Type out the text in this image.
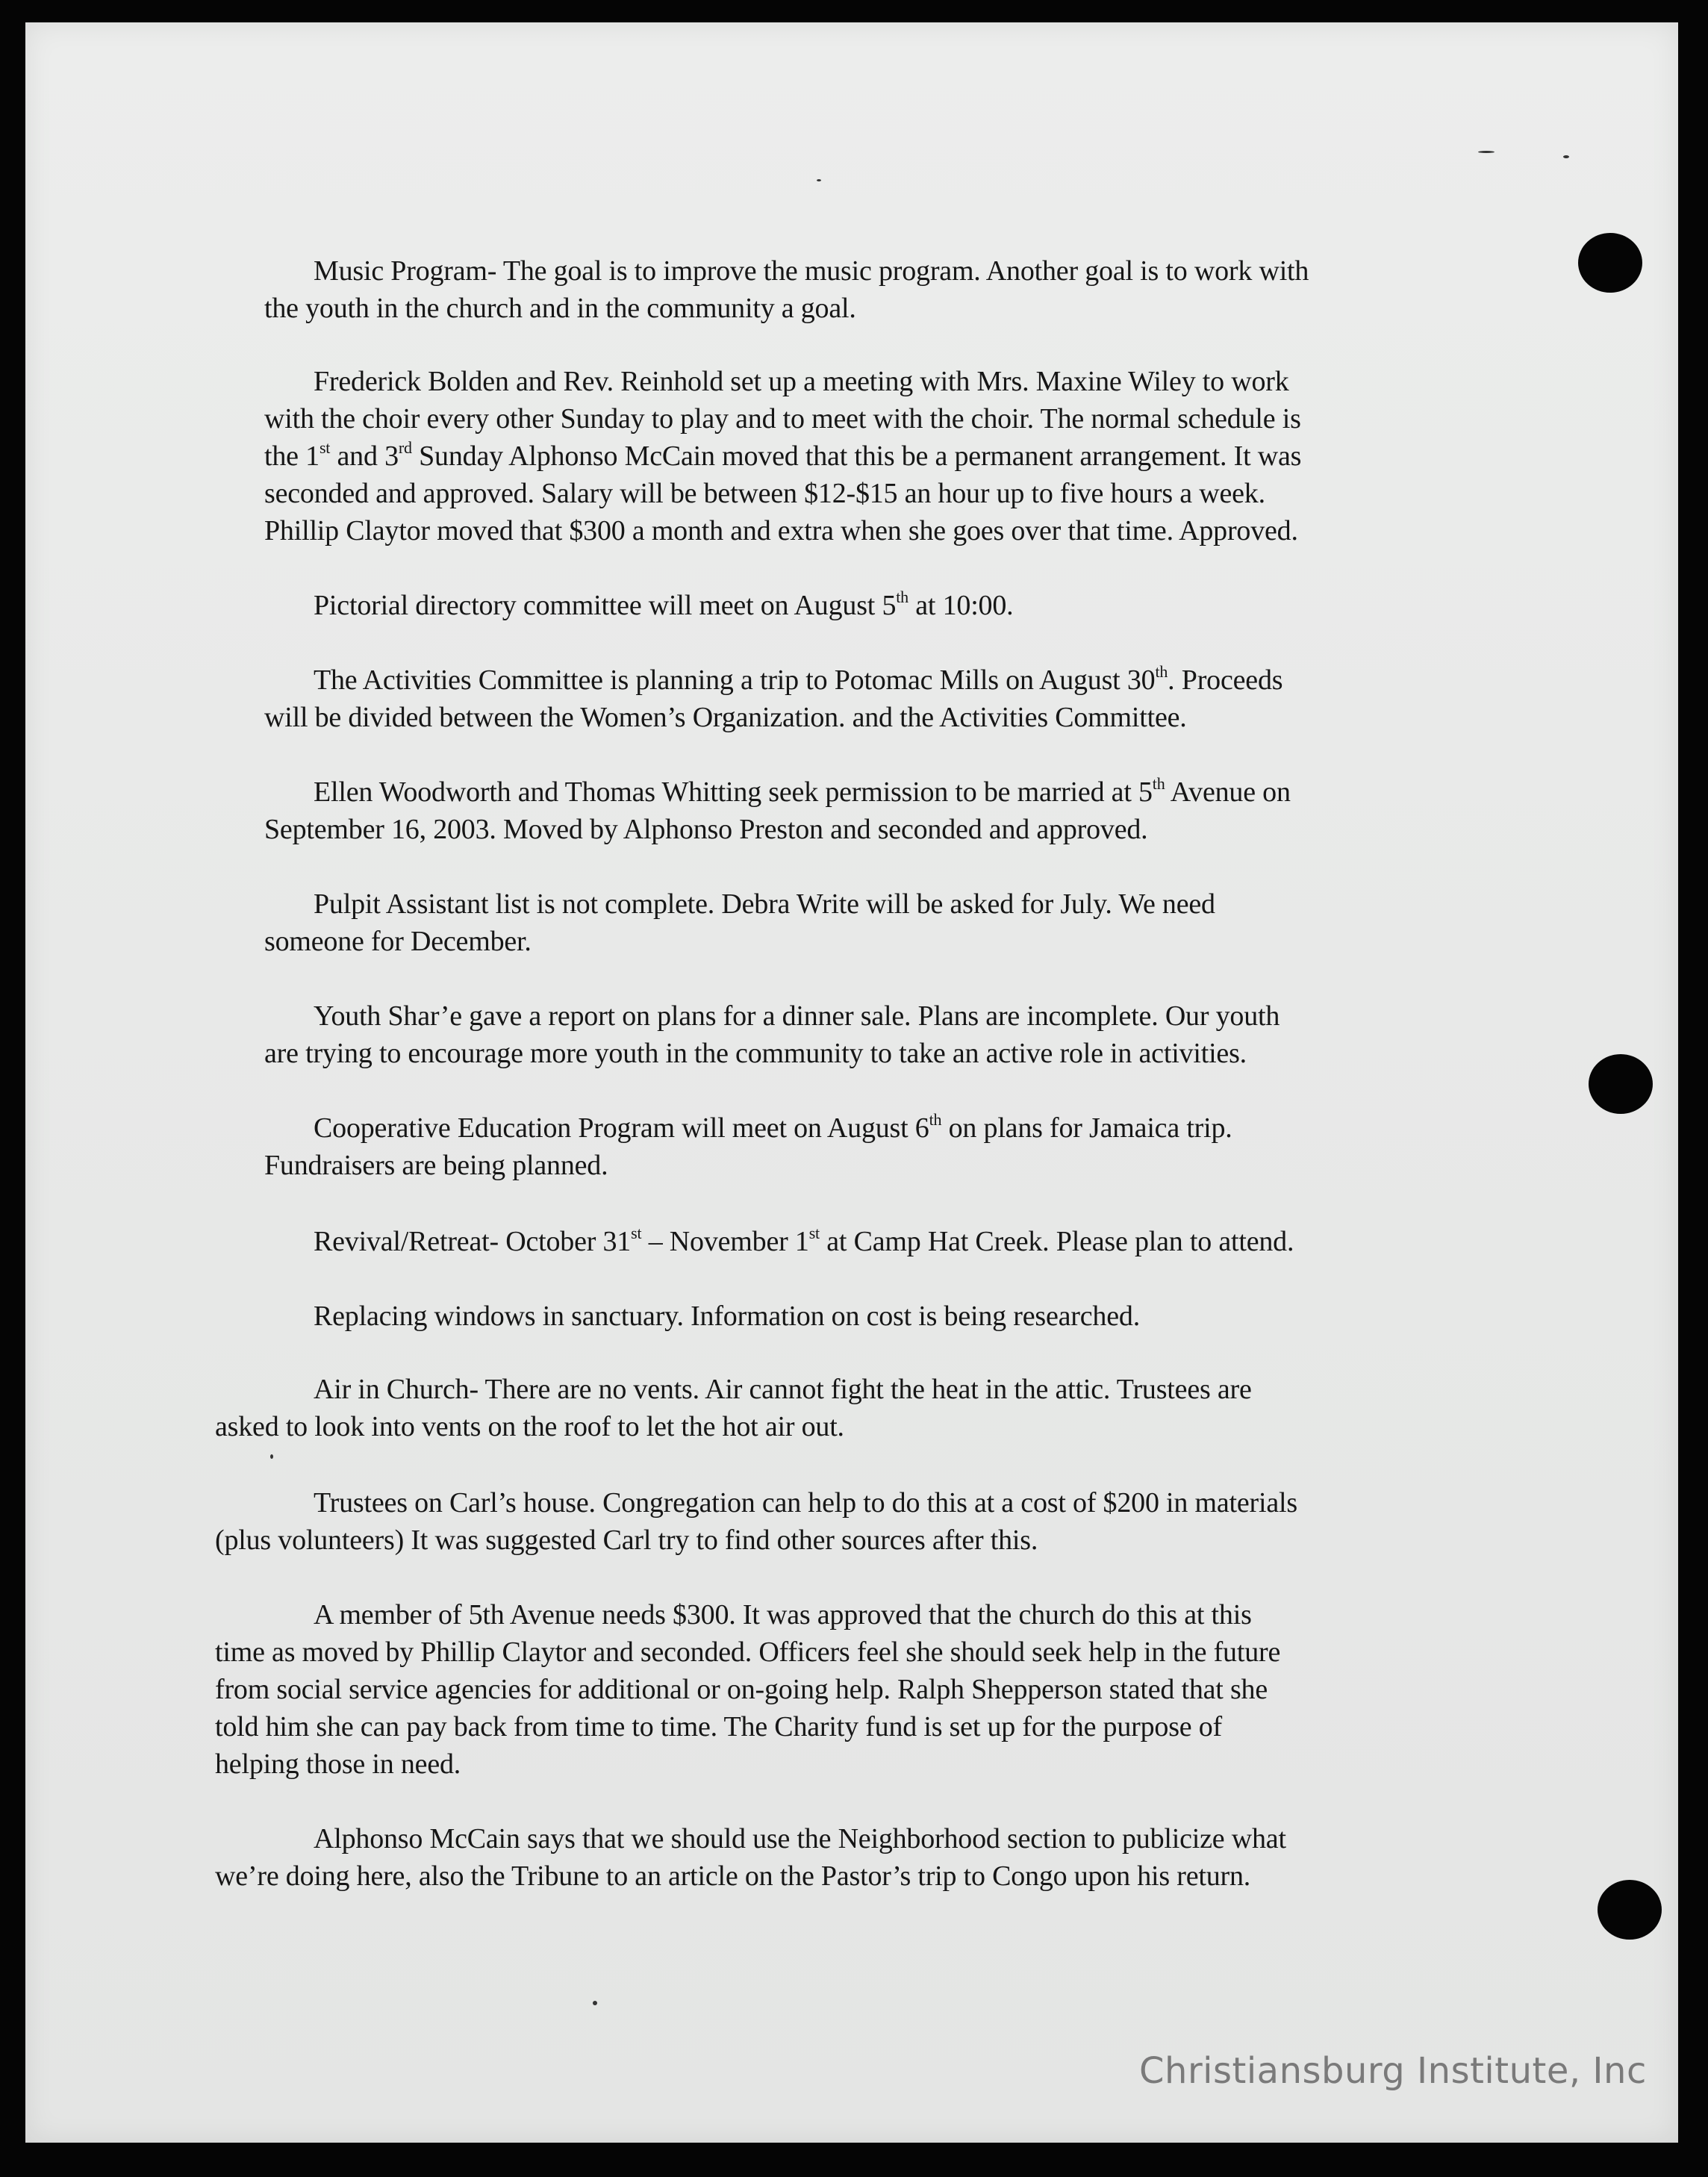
Music Program- The goal is to improve the music program. Another goal is to work with

the youth in the church and in the community a goal.

Frederick Bolden and Rev. Reinhold set up a meeting with Mrs. Maxine Wiley to work

with the choir every other Sunday to play and to meet with the choir. The normal schedule is

the 1st and 3rd Sunday Alphonso McCain moved that this be a permanent arrangement. It was

seconded and approved. Salary will be between $12-$15 an hour up to five hours a week.

Phillip Claytor moved that $300 a month and extra when she goes over that time. Approved.

Pictorial directory committee will meet on August 5th at 10:00.

The Activities Committee is planning a trip to Potomac Mills on August 30th. Proceeds

will be divided between the Women’s Organization. and the Activities Committee.

Ellen Woodworth and Thomas Whitting seek permission to be married at 5th Avenue on

September 16, 2003. Moved by Alphonso Preston and seconded and approved.

Pulpit Assistant list is not complete. Debra Write will be asked for July. We need

someone for December.

Youth Shar’e gave a report on plans for a dinner sale. Plans are incomplete. Our youth

are trying to encourage more youth in the community to take an active role in activities.

Cooperative Education Program will meet on August 6th on plans for Jamaica trip.

Fundraisers are being planned.

Revival/Retreat- October 31st – November 1st at Camp Hat Creek. Please plan to attend.

Replacing windows in sanctuary. Information on cost is being researched.

Air in Church- There are no vents. Air cannot fight the heat in the attic. Trustees are

asked to look into vents on the roof to let the hot air out.

Trustees on Carl’s house. Congregation can help to do this at a cost of $200 in materials

(plus volunteers) It was suggested Carl try to find other sources after this.

A member of 5th Avenue needs $300. It was approved that the church do this at this

time as moved by Phillip Claytor and seconded. Officers feel she should seek help in the future

from social service agencies for additional or on-going help. Ralph Shepperson stated that she

told him she can pay back from time to time. The Charity fund is set up for the purpose of

helping those in need.

Alphonso McCain says that we should use the Neighborhood section to publicize what

we’re doing here, also the Tribune to an article on the Pastor’s trip to Congo upon his return.

Christiansburg Institute, Inc
